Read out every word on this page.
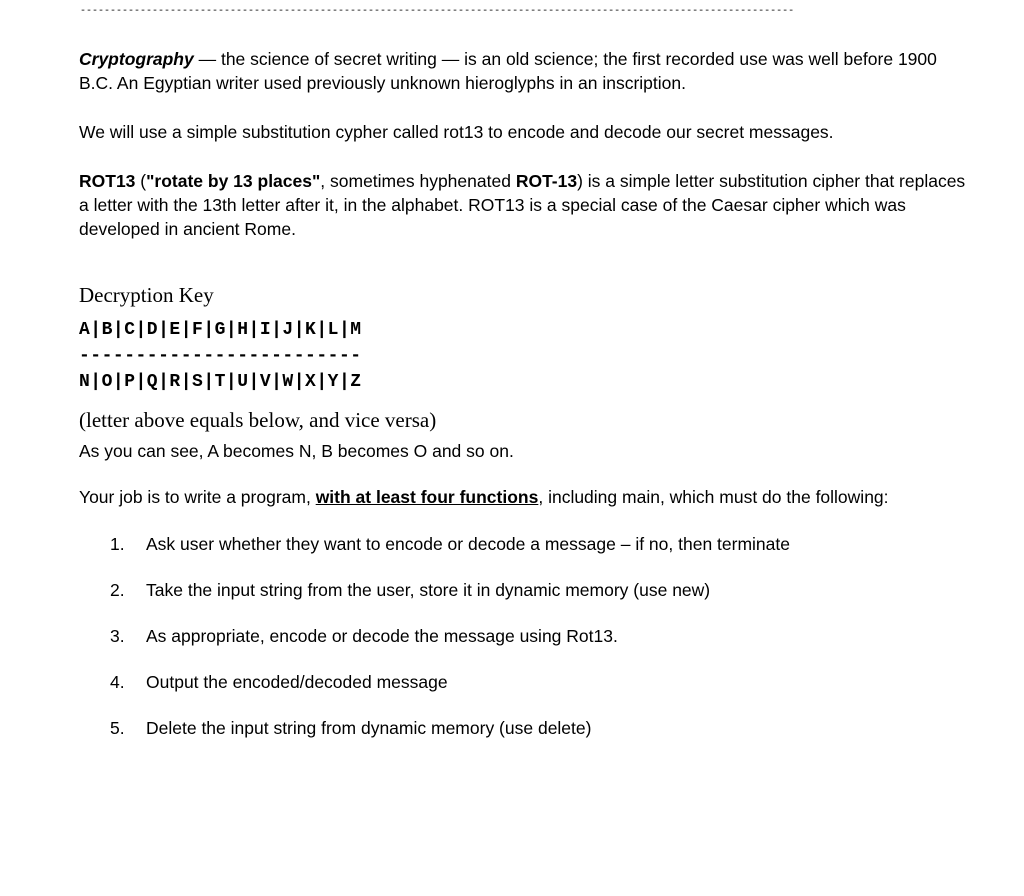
-----------------------------------------------------------------------------------------------------------------------

Cryptography — the science of secret writing — is an old science; the first recorded use was well before 1900 B.C. An Egyptian writer used previously unknown hieroglyphs in an inscription.

We will use a simple substitution cypher called rot13 to encode and decode our secret messages.

ROT13 ("rotate by 13 places", sometimes hyphenated ROT-13) is a simple letter substitution cipher that replaces a letter with the 13th letter after it, in the alphabet. ROT13 is a special case of the Caesar cipher which was developed in ancient Rome.

Decryption Key
A|B|C|D|E|F|G|H|I|J|K|L|M
-------------------------
N|O|P|Q|R|S|T|U|V|W|X|Y|Z
(letter above equals below, and vice versa)

As you can see, A becomes N, B becomes O and so on.

Your job is to write a program, with at least four functions, including main, which must do the following:

1.	Ask user whether they want to encode or decode a message – if no, then terminate
2.	Take the input string from the user, store it in dynamic memory (use new)
3.	As appropriate, encode or decode the message using Rot13.
4.	Output the encoded/decoded message
5.	Delete the input string from dynamic memory (use delete)
